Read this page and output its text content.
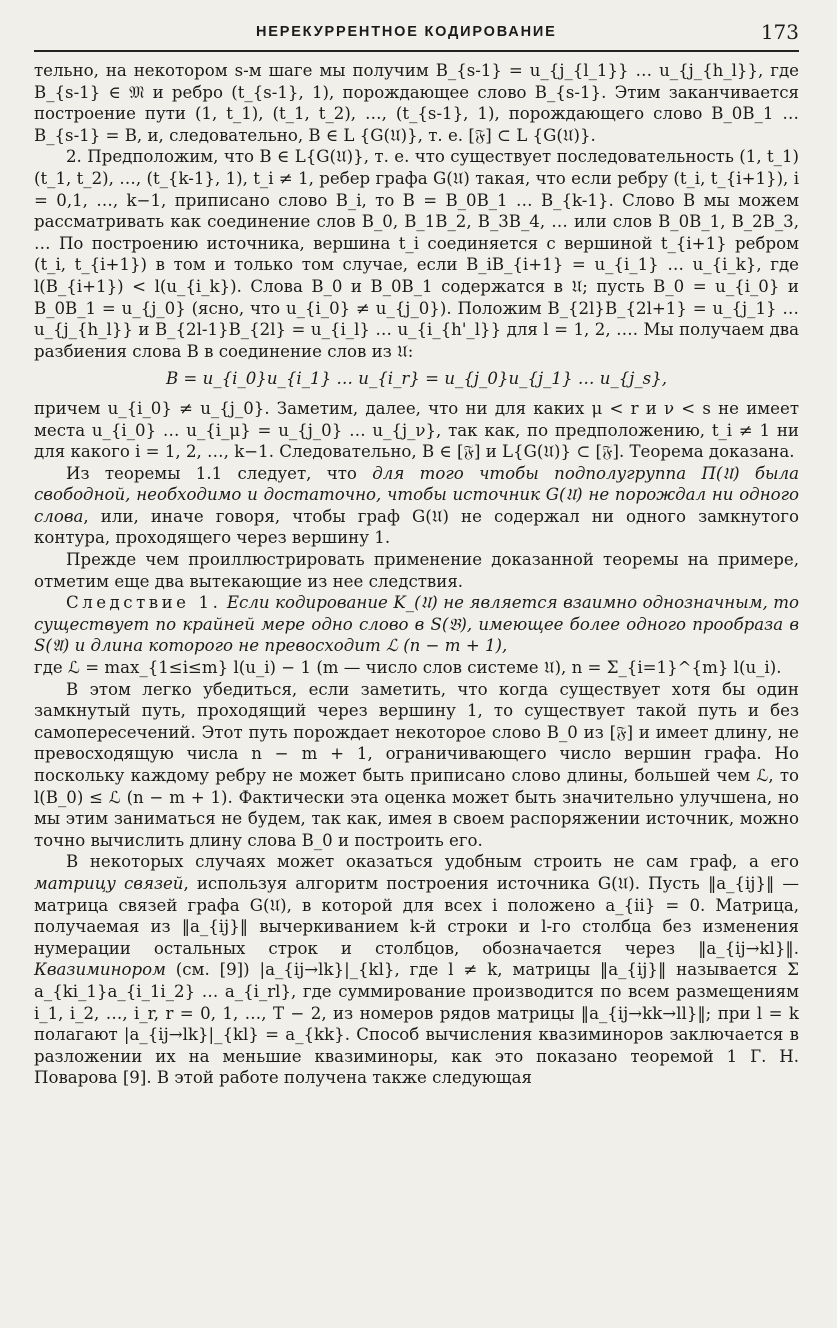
НЕРЕКУРРЕНТНОЕ КОДИРОВАНИЕ	173

тельно, на некотором s-м шаге мы получим B_{s-1} = u_{j_{l_1}} … u_{j_{h_l}}, где B_{s-1} ∈ 𝔐 и ребро (t_{s-1}, 1), порождающее слово B_{s-1}. Этим заканчивается построение пути (1, t_1), (t_1, t_2), …, (t_{s-1}, 1), порождающего слово B_0B_1 … B_{s-1} = B, и, следовательно, B ∈ L {G(𝔘)}, т. е. [𝔉] ⊂ L {G(𝔘)}.

2. Предположим, что B ∈ L{G(𝔘)}, т. е. что существует последовательность (1, t_1)(t_1, t_2), …, (t_{k-1}, 1), t_i ≠ 1, ребер графа G(𝔘) такая, что если ребру (t_i, t_{i+1}), i = 0,1, …, k−1, приписано слово B_i, то B = B_0B_1 … B_{k-1}. Слово B мы можем рассматривать как соединение слов B_0, B_1B_2, B_3B_4, … или слов B_0B_1, B_2B_3, … По построению источника, вершина t_i соединяется с вершиной t_{i+1} ребром (t_i, t_{i+1}) в том и только том случае, если B_iB_{i+1} = u_{i_1} … u_{i_k}, где l(B_{i+1}) < l(u_{i_k}). Слова B_0 и B_0B_1 содержатся в 𝔘; пусть B_0 = u_{i_0} и B_0B_1 = u_{j_0} (ясно, что u_{i_0} ≠ u_{j_0}). Положим B_{2l}B_{2l+1} = u_{j_1} … u_{j_{h_l}} и B_{2l-1}B_{2l} = u_{i_l} … u_{i_{h'_l}} для l = 1, 2, …. Мы получаем два разбиения слова B в соединение слов из 𝔘:

B = u_{i_0}u_{i_1} … u_{i_r} = u_{j_0}u_{j_1} … u_{j_s},

причем u_{i_0} ≠ u_{j_0}. Заметим, далее, что ни для каких μ < r и ν < s не имеет места u_{i_0} … u_{i_μ} = u_{j_0} … u_{j_ν}, так как, по предположению, t_i ≠ 1 ни для какого i = 1, 2, …, k−1. Следовательно, B ∈ [𝔉] и L{G(𝔘)} ⊂ [𝔉]. Теорема доказана.

Из теоремы 1.1 следует, что для того чтобы подполугруппа Π(𝔘) была свободной, необходимо и достаточно, чтобы источник G(𝔘) не порождал ни одного слова, или, иначе говоря, чтобы граф G(𝔘) не содержал ни одного замкнутого контура, проходящего через вершину 1.

Прежде чем проиллюстрировать применение доказанной теоремы на примере, отметим еще два вытекающие из нее следствия.

Следствие 1. Если кодирование K_(𝔘) не является взаимно однозначным, то существует по крайней мере одно слово в S(𝔅), имеющее более одного прообраза в S(𝔄) и длина которого не превосходит ℒ (n − m + 1),

где ℒ = max_{1≤i≤m} l(u_i) − 1 (m — число слов системе 𝔘), n = Σ_{i=1}^{m} l(u_i).

В этом легко убедиться, если заметить, что когда существует хотя бы один замкнутый путь, проходящий через вершину 1, то существует такой путь и без самопересечений. Этот путь порождает некоторое слово B_0 из [𝔉] и имеет длину, не превосходящую числа n − m + 1, ограничивающего число вершин графа. Но поскольку каждому ребру не может быть приписано слово длины, большей чем ℒ, то l(B_0) ≤ ℒ (n − m + 1). Фактически эта оценка может быть значительно улучшена, но мы этим заниматься не будем, так как, имея в своем распоряжении источник, можно точно вычислить длину слова B_0 и построить его.

В некоторых случаях может оказаться удобным строить не сам граф, а его матрицу связей, используя алгоритм построения источника G(𝔘). Пусть ‖a_{ij}‖ — матрица связей графа G(𝔘), в которой для всех i положено a_{ii} = 0. Матрица, получаемая из ‖a_{ij}‖ вычеркиванием k-й строки и l-го столбца без изменения нумерации остальных строк и столбцов, обозначается через ‖a_{ij→kl}‖. Квазиминором (см. [9]) |a_{ij→lk}|_{kl}, где l ≠ k, матрицы ‖a_{ij}‖ называется Σ a_{ki_1}a_{i_1i_2} … a_{i_rl}, где суммирование производится по всем размещениям i_1, i_2, …, i_r, r = 0, 1, …, T − 2, из номеров рядов матрицы ‖a_{ij→kk→ll}‖; при l = k полагают |a_{ij→lk}|_{kl} = a_{kk}. Способ вычисления квазиминоров заключается в разложении их на меньшие квазиминоры, как это показано теоремой 1 Г. Н. Поварова [9]. В этой работе получена также следующая
